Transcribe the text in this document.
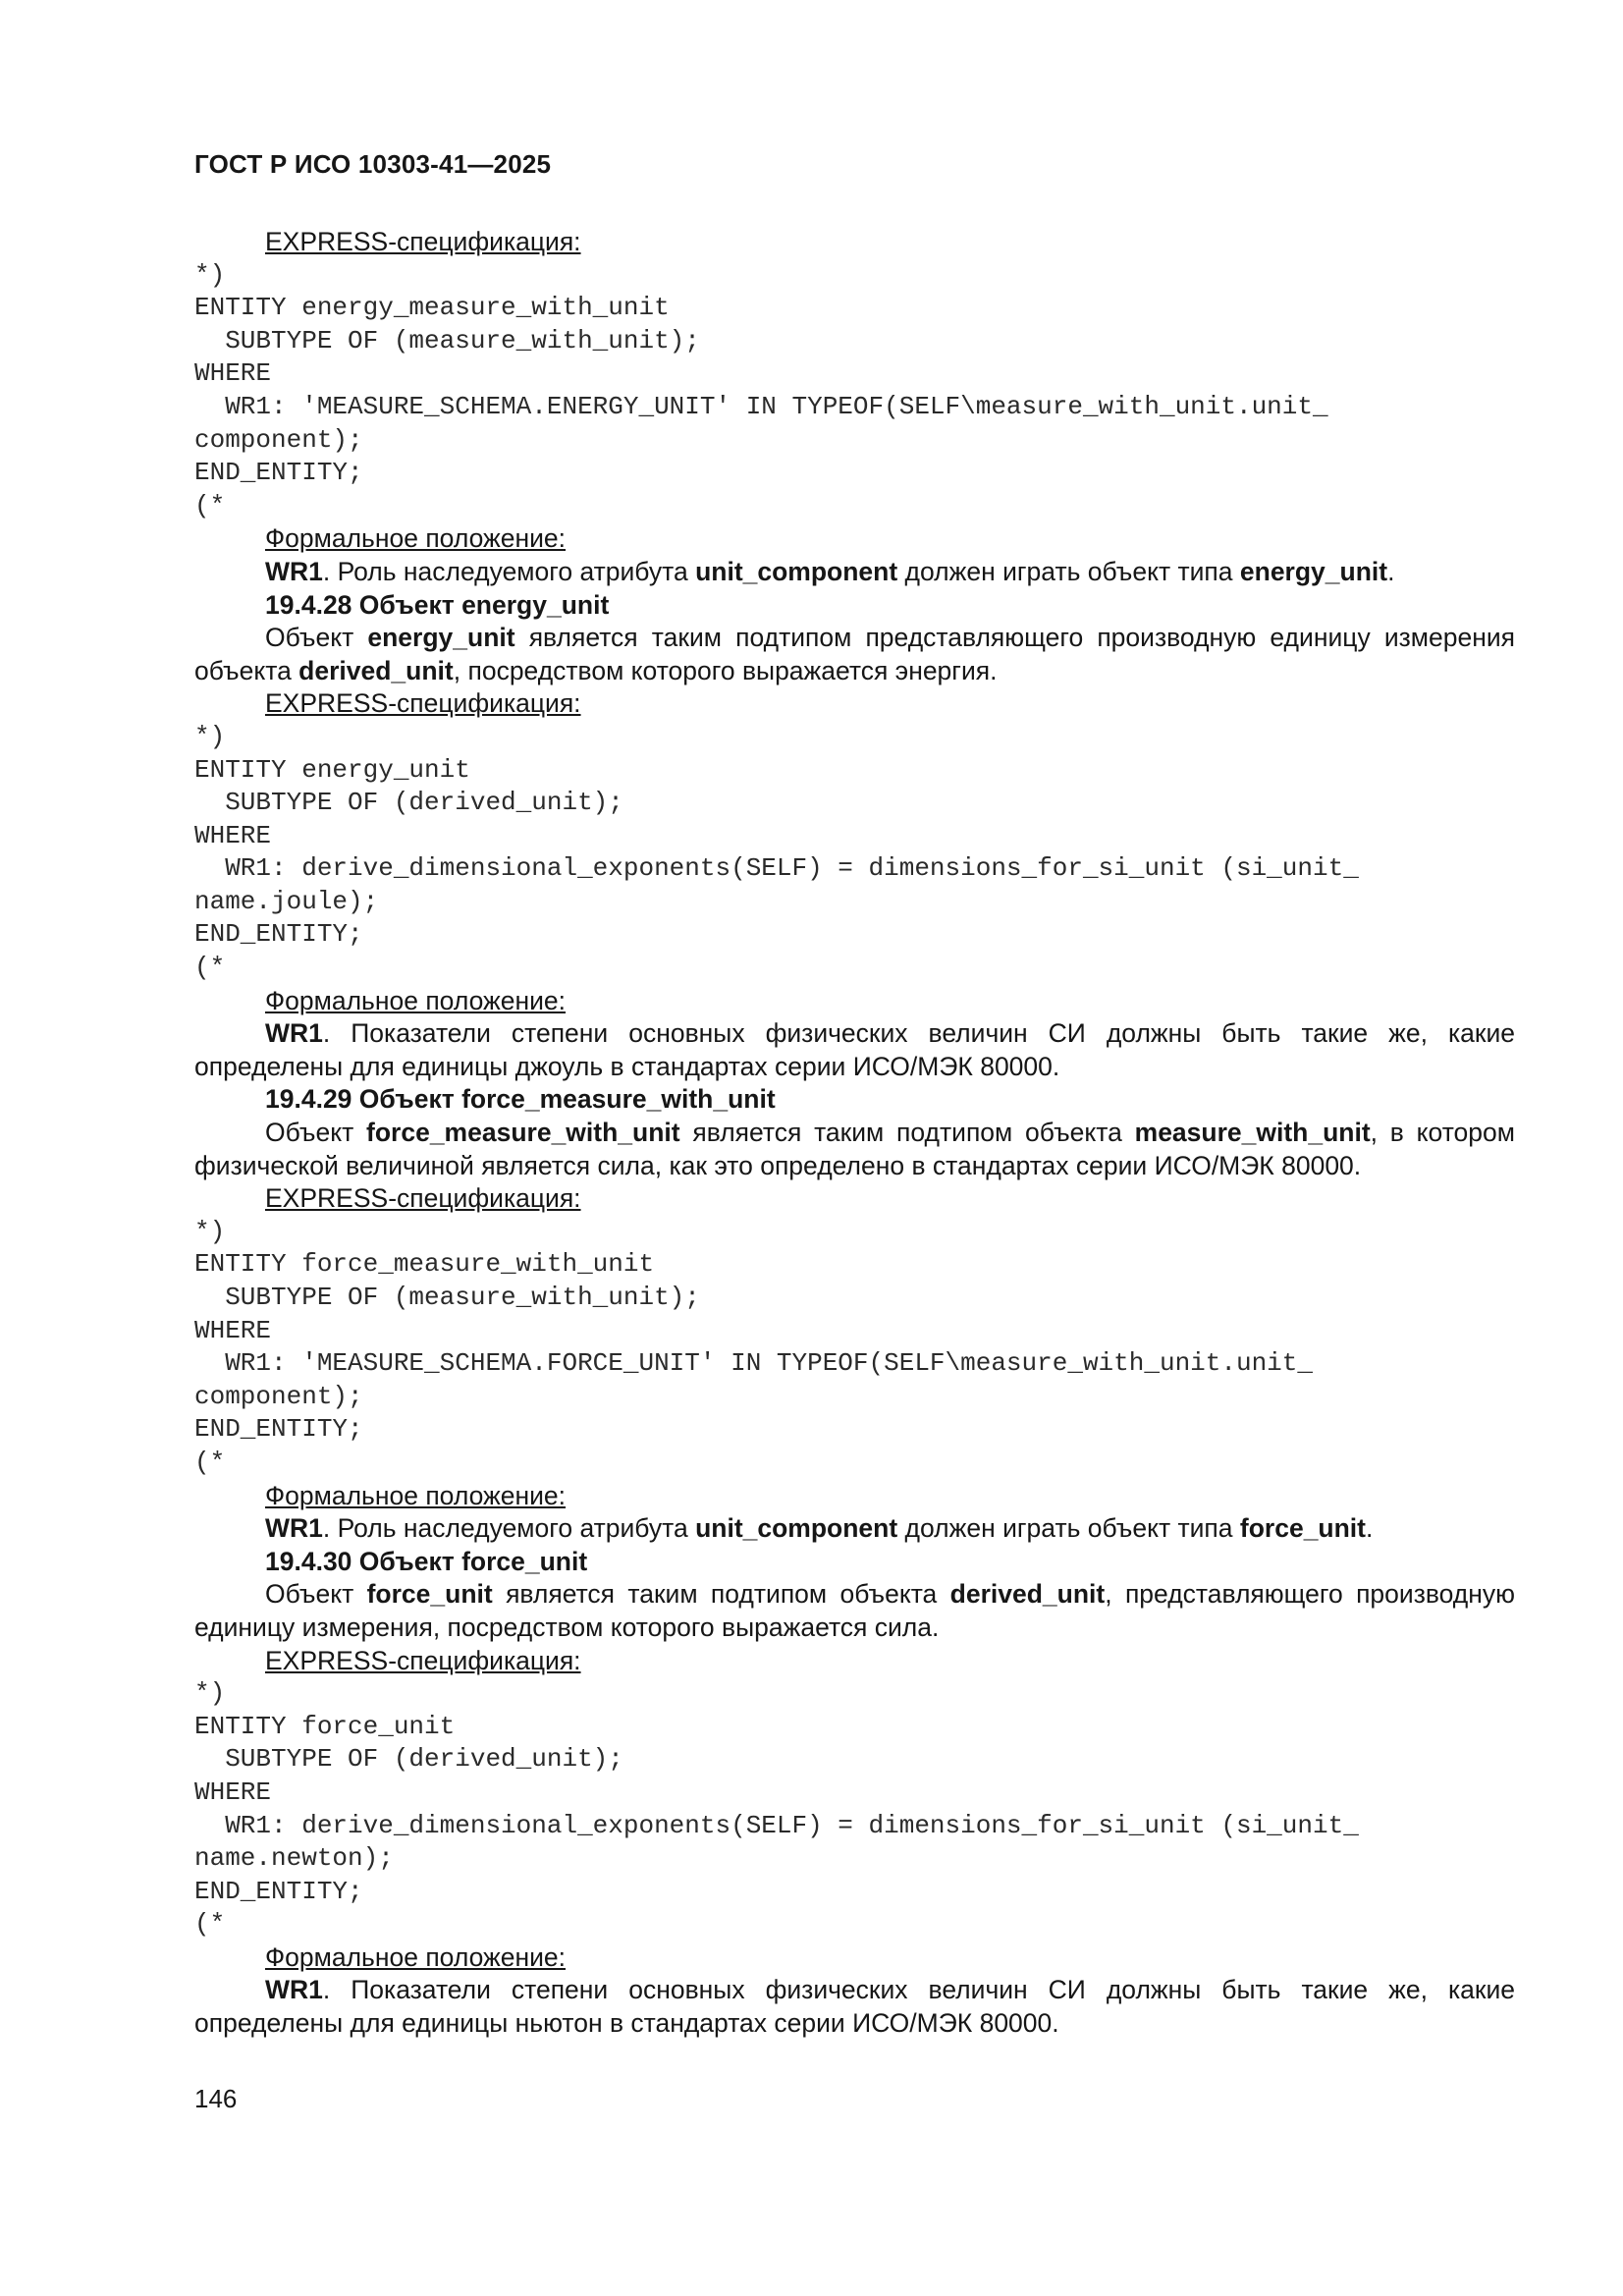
ГОСТ Р ИСО 10303-41—2025

EXPRESS-спецификация:

*)
ENTITY energy_measure_with_unit
SUBTYPE OF (measure_with_unit);
WHERE
WR1: 'MEASURE_SCHEMA.ENERGY_UNIT' IN TYPEOF(SELF\measure_with_unit.unit_
component);
END_ENTITY;
(*

Формальное положение:

WR1. Роль наследуемого атрибута unit_component должен играть объект типа energy_unit.

19.4.28 Объект energy_unit

Объект energy_unit является таким подтипом представляющего производную единицу измерения объекта derived_unit, посредством которого выражается энергия.

EXPRESS-спецификация:

*)
ENTITY energy_unit
SUBTYPE OF (derived_unit);
WHERE
WR1: derive_dimensional_exponents(SELF) = dimensions_for_si_unit (si_unit_
name.joule);
END_ENTITY;
(*

Формальное положение:

WR1. Показатели степени основных физических величин СИ должны быть такие же, какие определены для единицы джоуль в стандартах серии ИСО/МЭК 80000.

19.4.29 Объект force_measure_with_unit

Объект force_measure_with_unit является таким подтипом объекта measure_with_unit, в котором физической величиной является сила, как это определено в стандартах серии ИСО/МЭК 80000.

EXPRESS-спецификация:

*)
ENTITY force_measure_with_unit
SUBTYPE OF (measure_with_unit);
WHERE
WR1: 'MEASURE_SCHEMA.FORCE_UNIT' IN TYPEOF(SELF\measure_with_unit.unit_
component);
END_ENTITY;
(*

Формальное положение:

WR1. Роль наследуемого атрибута unit_component должен играть объект типа force_unit.

19.4.30 Объект force_unit

Объект force_unit является таким подтипом объекта derived_unit, представляющего производную единицу измерения, посредством которого выражается сила.

EXPRESS-спецификация:

*)
ENTITY force_unit
SUBTYPE OF (derived_unit);
WHERE
WR1: derive_dimensional_exponents(SELF) = dimensions_for_si_unit (si_unit_
name.newton);
END_ENTITY;
(*

Формальное положение:

WR1. Показатели степени основных физических величин СИ должны быть такие же, какие определены для единицы ньютон в стандартах серии ИСО/МЭК 80000.

146
